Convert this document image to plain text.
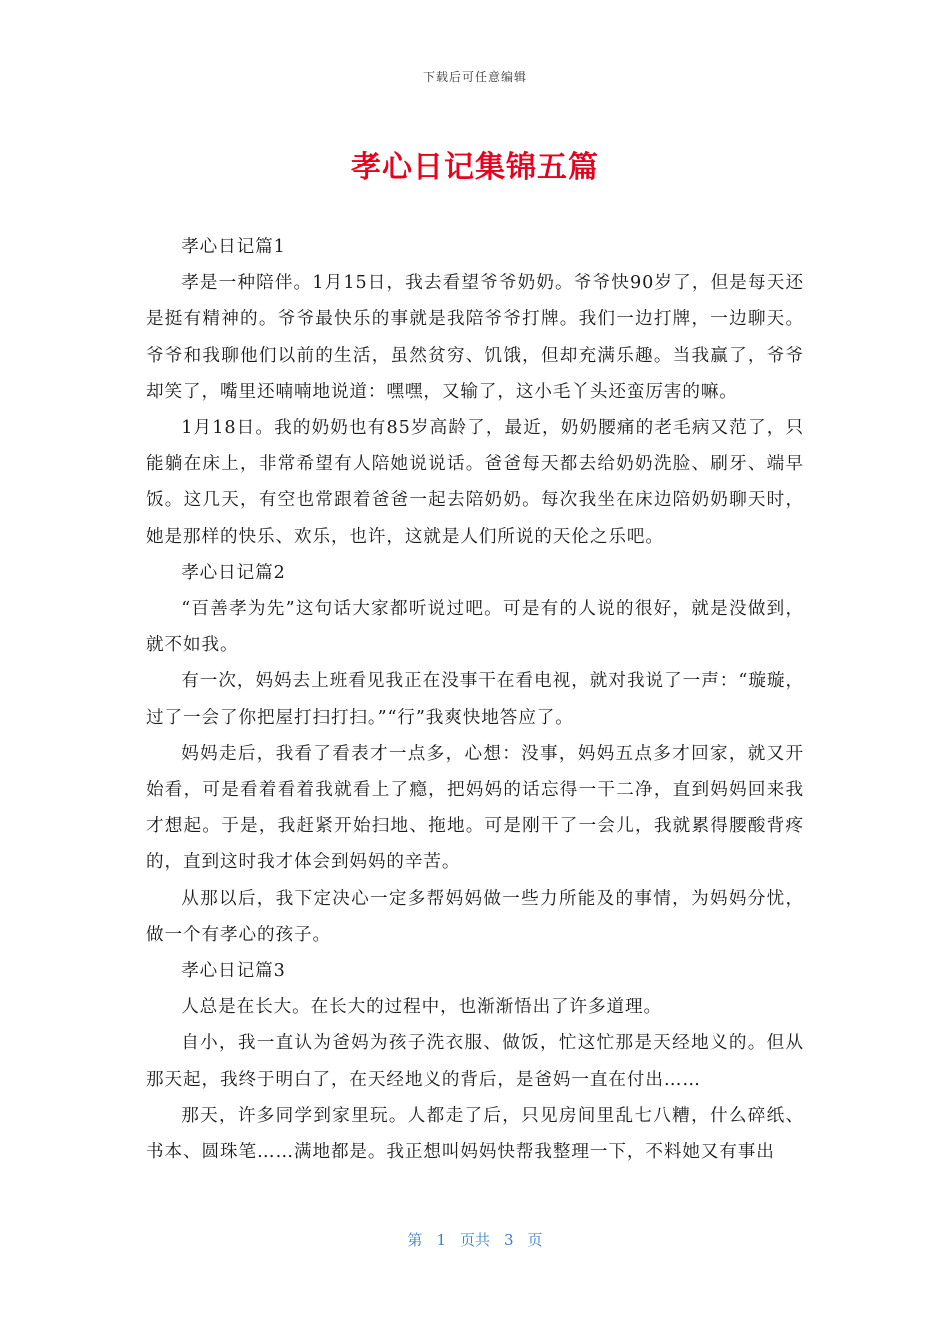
下载后可任意编辑
孝心日记集锦五篇

孝心日记篇1

孝是一种陪伴。1月15日，我去看望爷爷奶奶。爷爷快90岁了，但是每天还是挺有精神的。爷爷最快乐的事就是我陪爷爷打牌。我们一边打牌，一边聊天。爷爷和我聊他们以前的生活，虽然贫穷、饥饿，但却充满乐趣。当我赢了，爷爷却笑了，嘴里还喃喃地说道：嘿嘿，又输了，这小毛丫头还蛮厉害的嘛。

1月18日。我的奶奶也有85岁高龄了，最近，奶奶腰痛的老毛病又范了，只能躺在床上，非常希望有人陪她说说话。爸爸每天都去给奶奶洗脸、刷牙、端早饭。这几天，有空也常跟着爸爸一起去陪奶奶。每次我坐在床边陪奶奶聊天时，她是那样的快乐、欢乐，也许，这就是人们所说的天伦之乐吧。

孝心日记篇2

“百善孝为先”这句话大家都听说过吧。可是有的人说的很好，就是没做到，就不如我。

有一次，妈妈去上班看见我正在没事干在看电视，就对我说了一声：“璇璇，过了一会了你把屋打扫打扫。”“行”我爽快地答应了。

妈妈走后，我看了看表才一点多，心想：没事，妈妈五点多才回家，就又开始看，可是看着看着我就看上了瘾，把妈妈的话忘得一干二净，直到妈妈回来我才想起。于是，我赶紧开始扫地、拖地。可是刚干了一会儿，我就累得腰酸背疼的，直到这时我才体会到妈妈的辛苦。

从那以后，我下定决心一定多帮妈妈做一些力所能及的事情，为妈妈分忧，做一个有孝心的孩子。

孝心日记篇3

人总是在长大。在长大的过程中，也渐渐悟出了许多道理。

自小，我一直认为爸妈为孩子洗衣服、做饭，忙这忙那是天经地义的。但从那天起，我终于明白了，在天经地义的背后，是爸妈一直在付出……

那天，许多同学到家里玩。人都走了后，只见房间里乱七八糟，什么碎纸、书本、圆珠笔……满地都是。我正想叫妈妈快帮我整理一下，不料她又有事出

第 1 页共 3 页
